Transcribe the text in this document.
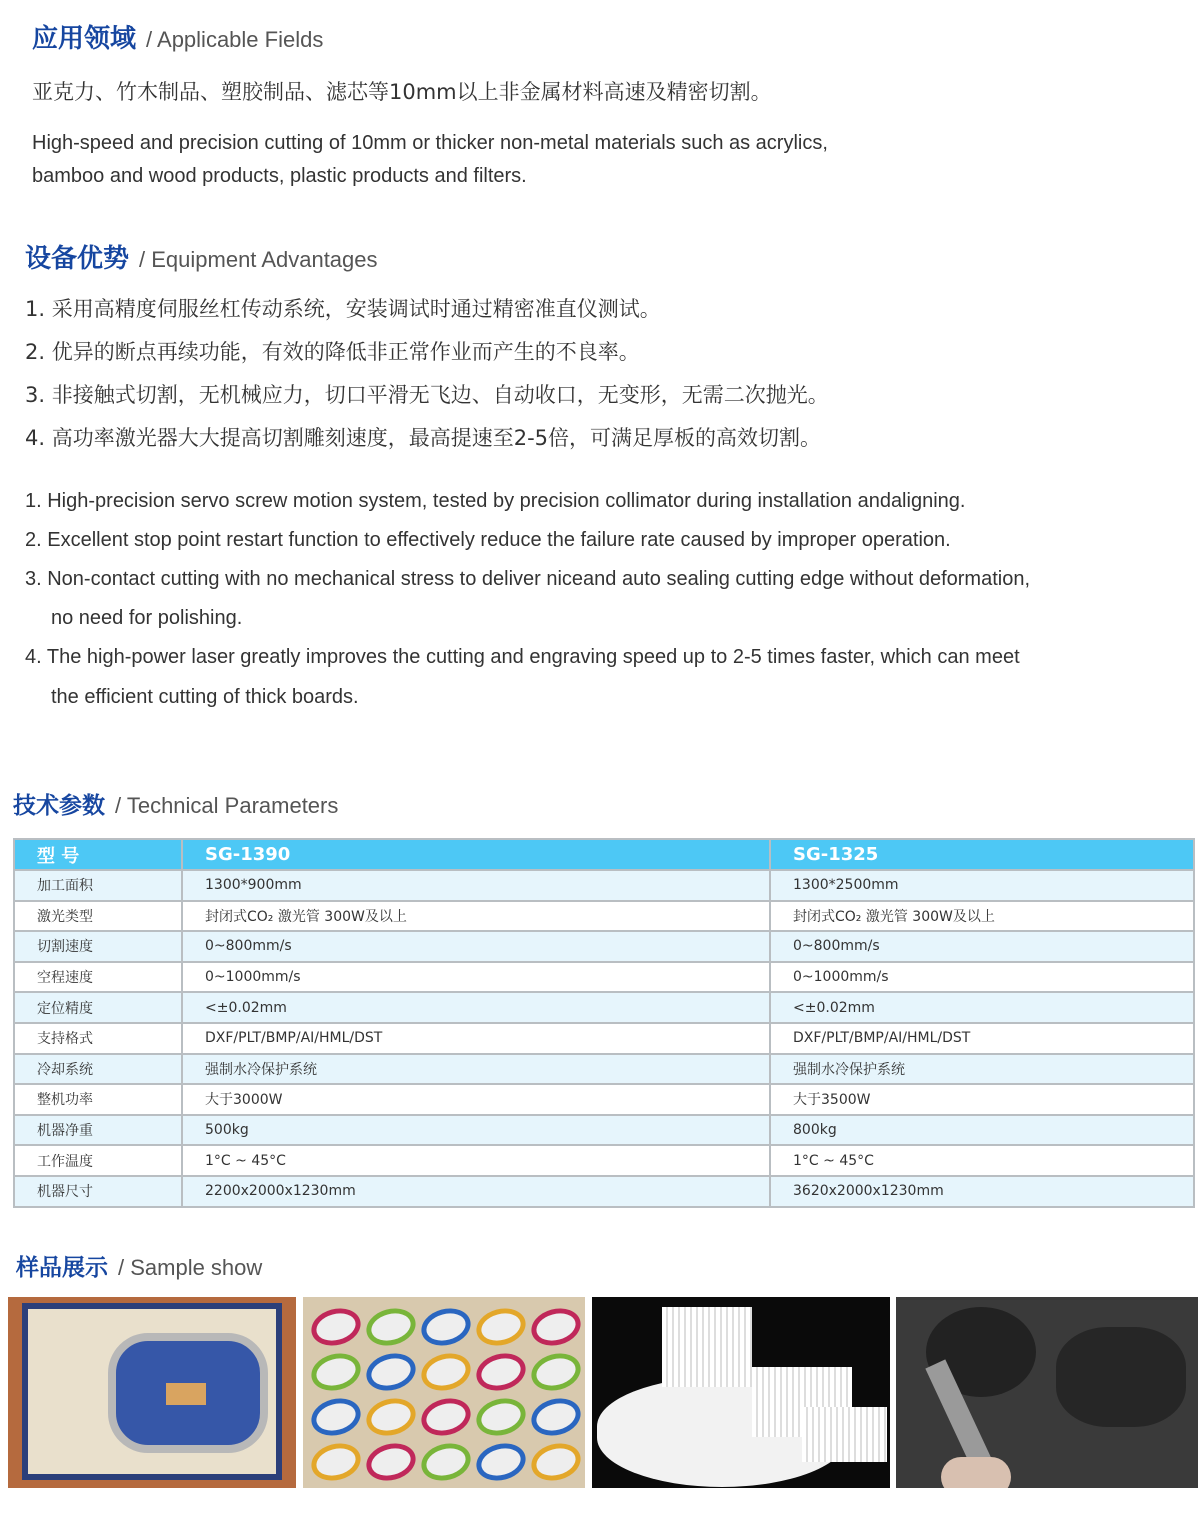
应用领域 / Applicable Fields
亚克力、竹木制品、塑胶制品、滤芯等10mm以上非金属材料高速及精密切割。
High-speed and precision cutting of 10mm or thicker non-metal materials such as acrylics,
bamboo and wood products, plastic products and filters.
设备优势 / Equipment Advantages
1. 采用高精度伺服丝杠传动系统，安装调试时通过精密准直仪测试。
2. 优异的断点再续功能，有效的降低非正常作业而产生的不良率。
3. 非接触式切割，无机械应力，切口平滑无飞边、自动收口，无变形，无需二次抛光。
4. 高功率激光器大大提高切割雕刻速度，最高提速至2-5倍，可满足厚板的高效切割。
1. High-precision servo screw motion system, tested by precision collimator during installation andaligning.
2. Excellent stop point restart function to effectively reduce the failure rate caused by improper operation.
3. Non-contact cutting with no mechanical stress to deliver niceand auto sealing cutting edge without deformation,
no need for polishing.
4. The high-power laser greatly improves the cutting and engraving speed up to 2-5 times faster, which can meet
the efficient cutting of thick boards.
技术参数 / Technical Parameters
型 号	SG-1390	SG-1325
加工面积	1300*900mm	1300*2500mm
激光类型	封闭式CO₂ 激光管 300W及以上	封闭式CO₂ 激光管 300W及以上
切割速度	0~800mm/s	0~800mm/s
空程速度	0~1000mm/s	0~1000mm/s
定位精度	<±0.02mm	<±0.02mm
支持格式	DXF/PLT/BMP/AI/HML/DST	DXF/PLT/BMP/AI/HML/DST
冷却系统	强制水冷保护系统	强制水冷保护系统
整机功率	大于3000W	大于3500W
机器净重	500kg	800kg
工作温度	1°C ~ 45°C	1°C ~ 45°C
机器尺寸	2200x2000x1230mm	3620x2000x1230mm
样品展示 / Sample show
